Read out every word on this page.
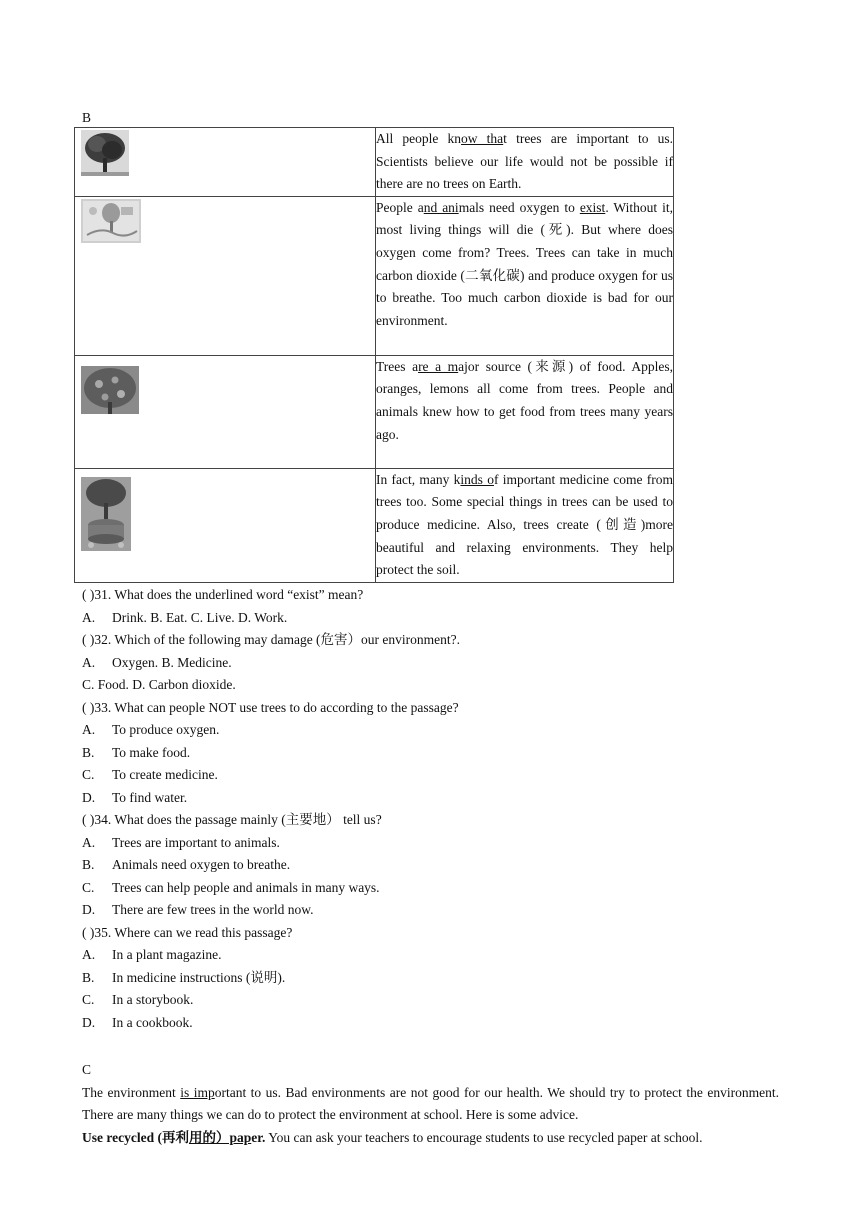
B
	All people know that trees are important to us. Scientists believe our life would not be possible if there are no trees on Earth.

	People and animals need oxygen to exist. Without it, most living things will die (死). But where does oxygen come from? Trees. Trees can take in much carbon dioxide (二氧化碳) and produce oxygen for us to breathe. Too much carbon dioxide is bad for our environment.

	Trees are a major source (来源) of food. Apples, oranges, lemons all come from trees. People and animals knew how to get food from trees many years ago.

	In fact, many kinds of important medicine come from trees too. Some special things in trees can be used to produce medicine. Also, trees create (创造)more beautiful and relaxing environments. They help protect the soil.
( )31. What does the underlined word “exist” mean?
A. Drink. B. Eat. C. Live. D. Work.
( )32. Which of the following may damage (危害）our environment?.
A. Oxygen. B. Medicine.
C. Food. D. Carbon dioxide.
( )33. What can people NOT use trees to do according to the passage?
A. To produce oxygen.
B. To make food.
C. To create medicine.
D. To find water.
( )34. What does the passage mainly (主要地） tell us?
A. Trees are important to animals.
B. Animals need oxygen to breathe.
C. Trees can help people and animals in many ways.
D. There are few trees in the world now.
( )35. Where can we read this passage?
A. In a plant magazine.
B. In medicine instructions (说明).
C. In a storybook.
D. In a cookbook.
C
The environment is important to us. Bad environments are not good for our health. We should try to protect the environment. There are many things we can do to protect the environment at school. Here is some advice.
Use recycled (再利用的）paper. You can ask your teachers to encourage students to use recycled paper at school.
